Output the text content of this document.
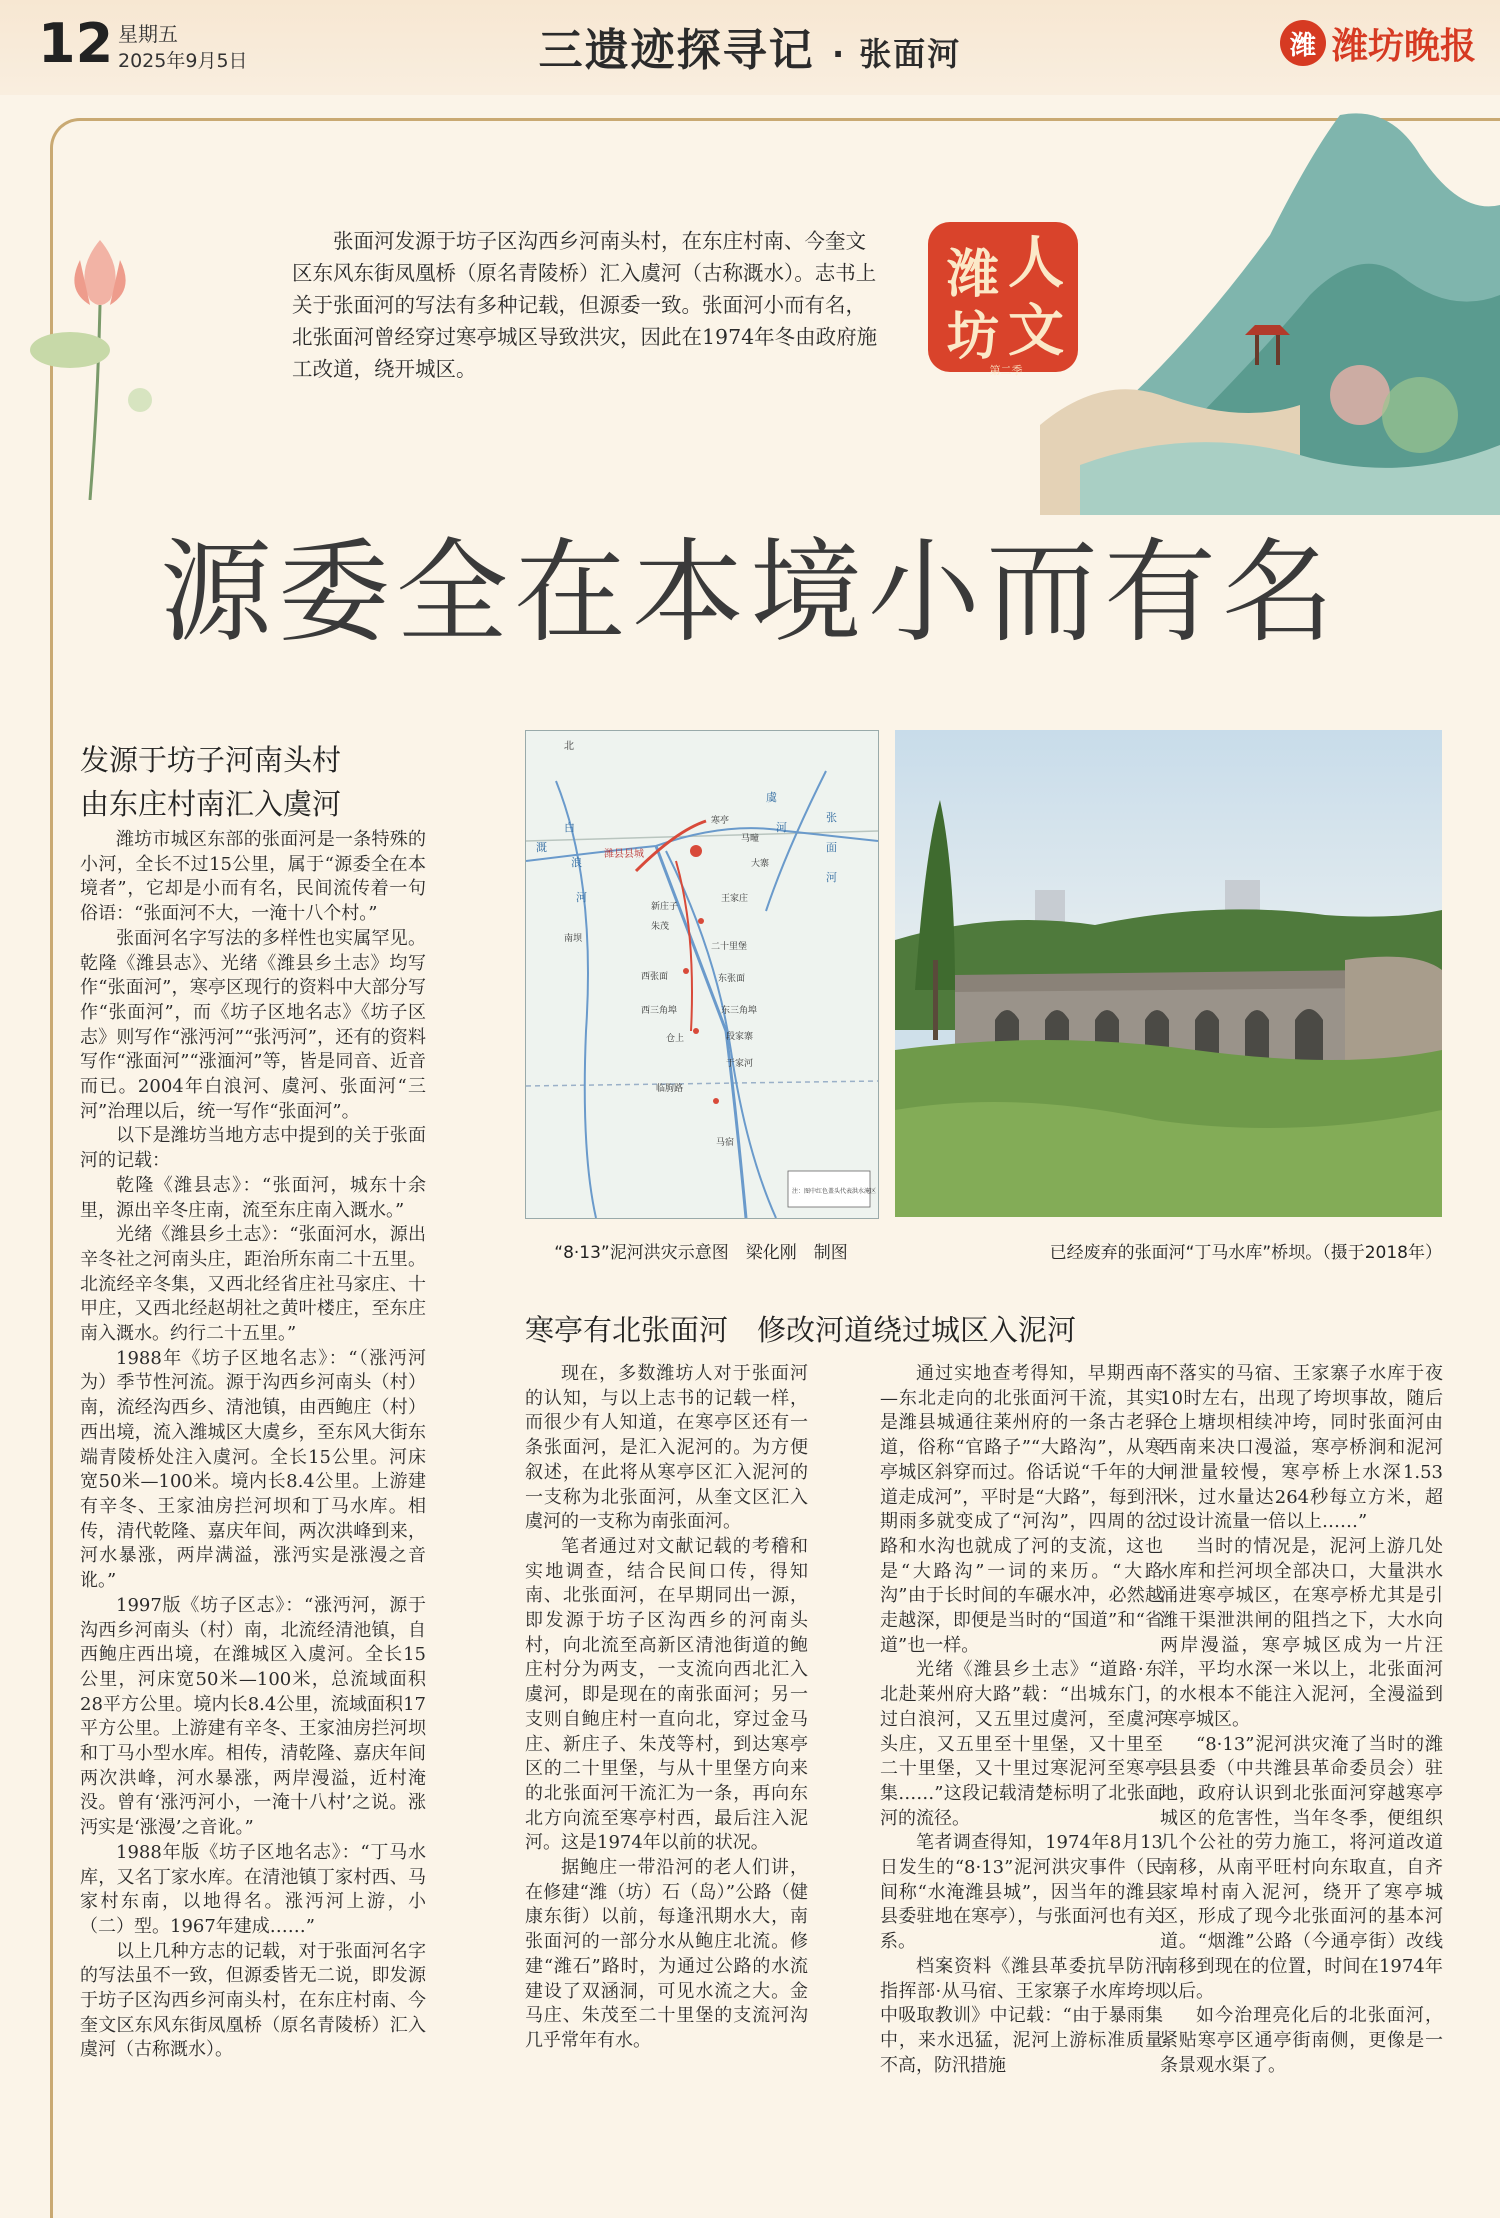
12 星期五
2025年9月5日	三遗迹探寻记 · 张面河	潍 潍坊晚报
潍 人
坊 文
第二季
张面河发源于坊子区沟西乡河南头村，在东庄村南、今奎文区东风东街凤凰桥（原名青陵桥）汇入虞河（古称溉水）。志书上关于张面河的写法有多种记载，但源委一致。张面河小而有名，北张面河曾经穿过寒亭城区导致洪灾，因此在1974年冬由政府施工改道，绕开城区。
源委全在本境小而有名
发源于坊子河南头村
由东庄村南汇入虞河

潍坊市城区东部的张面河是一条特殊的小河，全长不过15公里，属于“源委全在本境者”，它却是小而有名，民间流传着一句俗语：“张面河不大，一淹十八个村。”

张面河名字写法的多样性也实属罕见。乾隆《潍县志》、光绪《潍县乡土志》均写作“张面河”，寒亭区现行的资料中大部分写作“张面河”，而《坊子区地名志》《坊子区志》则写作“涨沔河”“张沔河”，还有的资料写作“涨面河”“涨湎河”等，皆是同音、近音而已。2004年白浪河、虞河、张面河“三河”治理以后，统一写作“张面河”。

以下是潍坊当地方志中提到的关于张面河的记载：

乾隆《潍县志》：“张面河，城东十余里，源出辛冬庄南，流至东庄南入溉水。”

光绪《潍县乡土志》：“张面河水，源出辛冬社之河南头庄，距治所东南二十五里。北流经辛冬集，又西北经省庄社马家庄、十甲庄，又西北经赵胡社之黄叶楼庄，至东庄南入溉水。约行二十五里。”

1988年《坊子区地名志》：“（涨沔河为）季节性河流。源于沟西乡河南头（村）南，流经沟西乡、清池镇，由西鲍庄（村）西出境，流入潍城区大虞乡，至东风大街东端青陵桥处注入虞河。全长15公里。河床宽50米—100米。境内长8.4公里。上游建有辛冬、王家油房拦河坝和丁马水库。相传，清代乾隆、嘉庆年间，两次洪峰到来，河水暴涨，两岸满溢，涨沔实是涨漫之音讹。”

1997版《坊子区志》：“涨沔河，源于沟西乡河南头（村）南，北流经清池镇，自西鲍庄西出境，在潍城区入虞河。全长15公里，河床宽50米—100米，总流域面积28平方公里。境内长8.4公里，流域面积17平方公里。上游建有辛冬、王家油房拦河坝和丁马小型水库。相传，清乾隆、嘉庆年间两次洪峰，河水暴涨，两岸漫溢，近村淹没。曾有‘涨沔河小，一淹十八村’之说。涨沔实是‘涨漫’之音讹。”

1988年版《坊子区地名志》：“丁马水库，又名丁家水库。在清池镇丁家村西、马家村东南，以地得名。涨沔河上游，小（二）型。1967年建成……”

以上几种方志的记载，对于张面河名字的写法虽不一致，但源委皆无二说，即发源于坊子区沟西乡河南头村，在东庄村南、今奎文区东风东街凤凰桥（原名青陵桥）汇入虞河（古称溉水）。

北
白
浪
河
潍县县城
张
面
河
虞
河
溉
新庄子
朱茂
二十里堡
东张面
西张面
王家庄
东三角埠
西三角埠
马宿
南坝
临朐路
仓上
马疃
寒亭
于家河
段家寨
大寨
注：图中红色盖头代表洪水淹区
“8·13”泥河洪灾示意图　梁化刚　制图	已经废弃的张面河“丁马水库”桥坝。（摄于2018年）
寒亭有北张面河　修改河道绕过城区入泥河

现在，多数潍坊人对于张面河的认知，与以上志书的记载一样，而很少有人知道，在寒亭区还有一条张面河，是汇入泥河的。为方便叙述，在此将从寒亭区汇入泥河的一支称为北张面河，从奎文区汇入虞河的一支称为南张面河。

笔者通过对文献记载的考稽和实地调查，结合民间口传，得知南、北张面河，在早期同出一源，即发源于坊子区沟西乡的河南头村，向北流至高新区清池街道的鲍庄村分为两支，一支流向西北汇入虞河，即是现在的南张面河；另一支则自鲍庄村一直向北，穿过金马庄、新庄子、朱茂等村，到达寒亭区的二十里堡，与从十里堡方向来的北张面河干流汇为一条，再向东北方向流至寒亭村西，最后注入泥河。这是1974年以前的状况。

据鲍庄一带沿河的老人们讲，在修建“潍（坊）石（岛）”公路（健康东街）以前，每逢汛期水大，南张面河的一部分水从鲍庄北流。修建“潍石”路时，为通过公路的水流建设了双涵洞，可见水流之大。金马庄、朱茂至二十里堡的支流河沟几乎常年有水。

通过实地查考得知，早期西南—东北走向的北张面河干流，其实是潍县城通往莱州府的一条古老驿道，俗称“官路子”“大路沟”，从寒亭城区斜穿而过。俗话说“千年的大道走成河”，平时是“大路”，每到汛期雨多就变成了“河沟”，四周的岔路和水沟也就成了河的支流，这也是“大路沟”一词的来历。“大路沟”由于长时间的车碾水冲，必然越走越深，即便是当时的“国道”和“省道”也一样。

光绪《潍县乡土志》“道路·东北赴莱州府大路”载：“出城东门，过白浪河，又五里过虞河，至虞河头庄，又五里至十里堡，又十里至二十里堡，又十里过寒泥河至寒亭集……”这段记载清楚标明了北张面河的流径。

笔者调查得知，1974年8月13日发生的“8·13”泥河洪灾事件（民间称“水淹潍县城”，因当年的潍县县委驻地在寒亭），与张面河也有关系。

档案资料《潍县革委抗旱防汛指挥部·从马宿、王家寨子水库垮坝中吸取教训》中记载：“由于暴雨集中，来水迅猛，泥河上游标准质量不高，防汛措施

不落实的马宿、王家寨子水库于夜10时左右，出现了垮坝事故，随后仓上塘坝相续冲垮，同时张面河由西南来决口漫溢，寒亭桥涧和泥河闸泄量较慢，寒亭桥上水深1.53米，过水量达264秒每立方米，超过设计流量一倍以上……”

当时的情况是，泥河上游几处水库和拦河坝全部决口，大量洪水涌进寒亭城区，在寒亭桥尤其是引潍干渠泄洪闸的阻挡之下，大水向两岸漫溢，寒亭城区成为一片汪洋，平均水深一米以上，北张面河的水根本不能注入泥河，全漫溢到寒亭城区。

“8·13”泥河洪灾淹了当时的潍县县委（中共潍县革命委员会）驻地，政府认识到北张面河穿越寒亭城区的危害性，当年冬季，便组织几个公社的劳力施工，将河道改道南移，从南平旺村向东取直，自齐家埠村南入泥河，绕开了寒亭城区，形成了现今北张面河的基本河道。“烟潍”公路（今通亭街）改线南移到现在的位置，时间在1974年以后。

如今治理亮化后的北张面河，紧贴寒亭区通亭街南侧，更像是一条景观水渠了。
